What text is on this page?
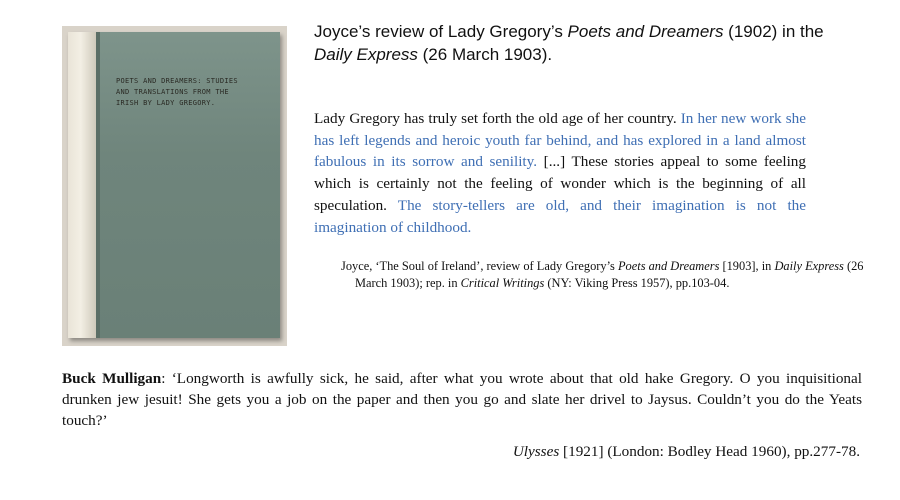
POETS AND DREAMERS: STUDIES
AND TRANSLATIONS FROM THE
IRISH BY LADY GREGORY.
Joyce’s review of Lady Gregory’s Poets and Dreamers (1902) in the
Daily Express (26 March 1903).
Lady Gregory has truly set forth the old age of her country. In her new work she has left legends and heroic youth far behind, and has explored in a land almost fabulous in its sorrow and senility. [...] These stories appeal to some feeling which is certainly not the feeling of wonder which is the beginning of all speculation. The story-tellers are old, and their imagination is not the imagination of childhood.
Joyce, ‘The Soul of Ireland’, review of Lady Gregory’s Poets and Dreamers [1903], in Daily Express (26 March 1903); rep. in Critical Writings (NY: Viking Press 1957), pp.103-04.
Buck Mulligan: ‘Longworth is awfully sick, he said, after what you wrote about that old hake Gregory. O you inquisitional drunken jew jesuit! She gets you a job on the paper and then you go and slate her drivel to Jaysus. Couldn’t you do the Yeats touch?’
Ulysses [1921] (London: Bodley Head 1960), pp.277-78.
